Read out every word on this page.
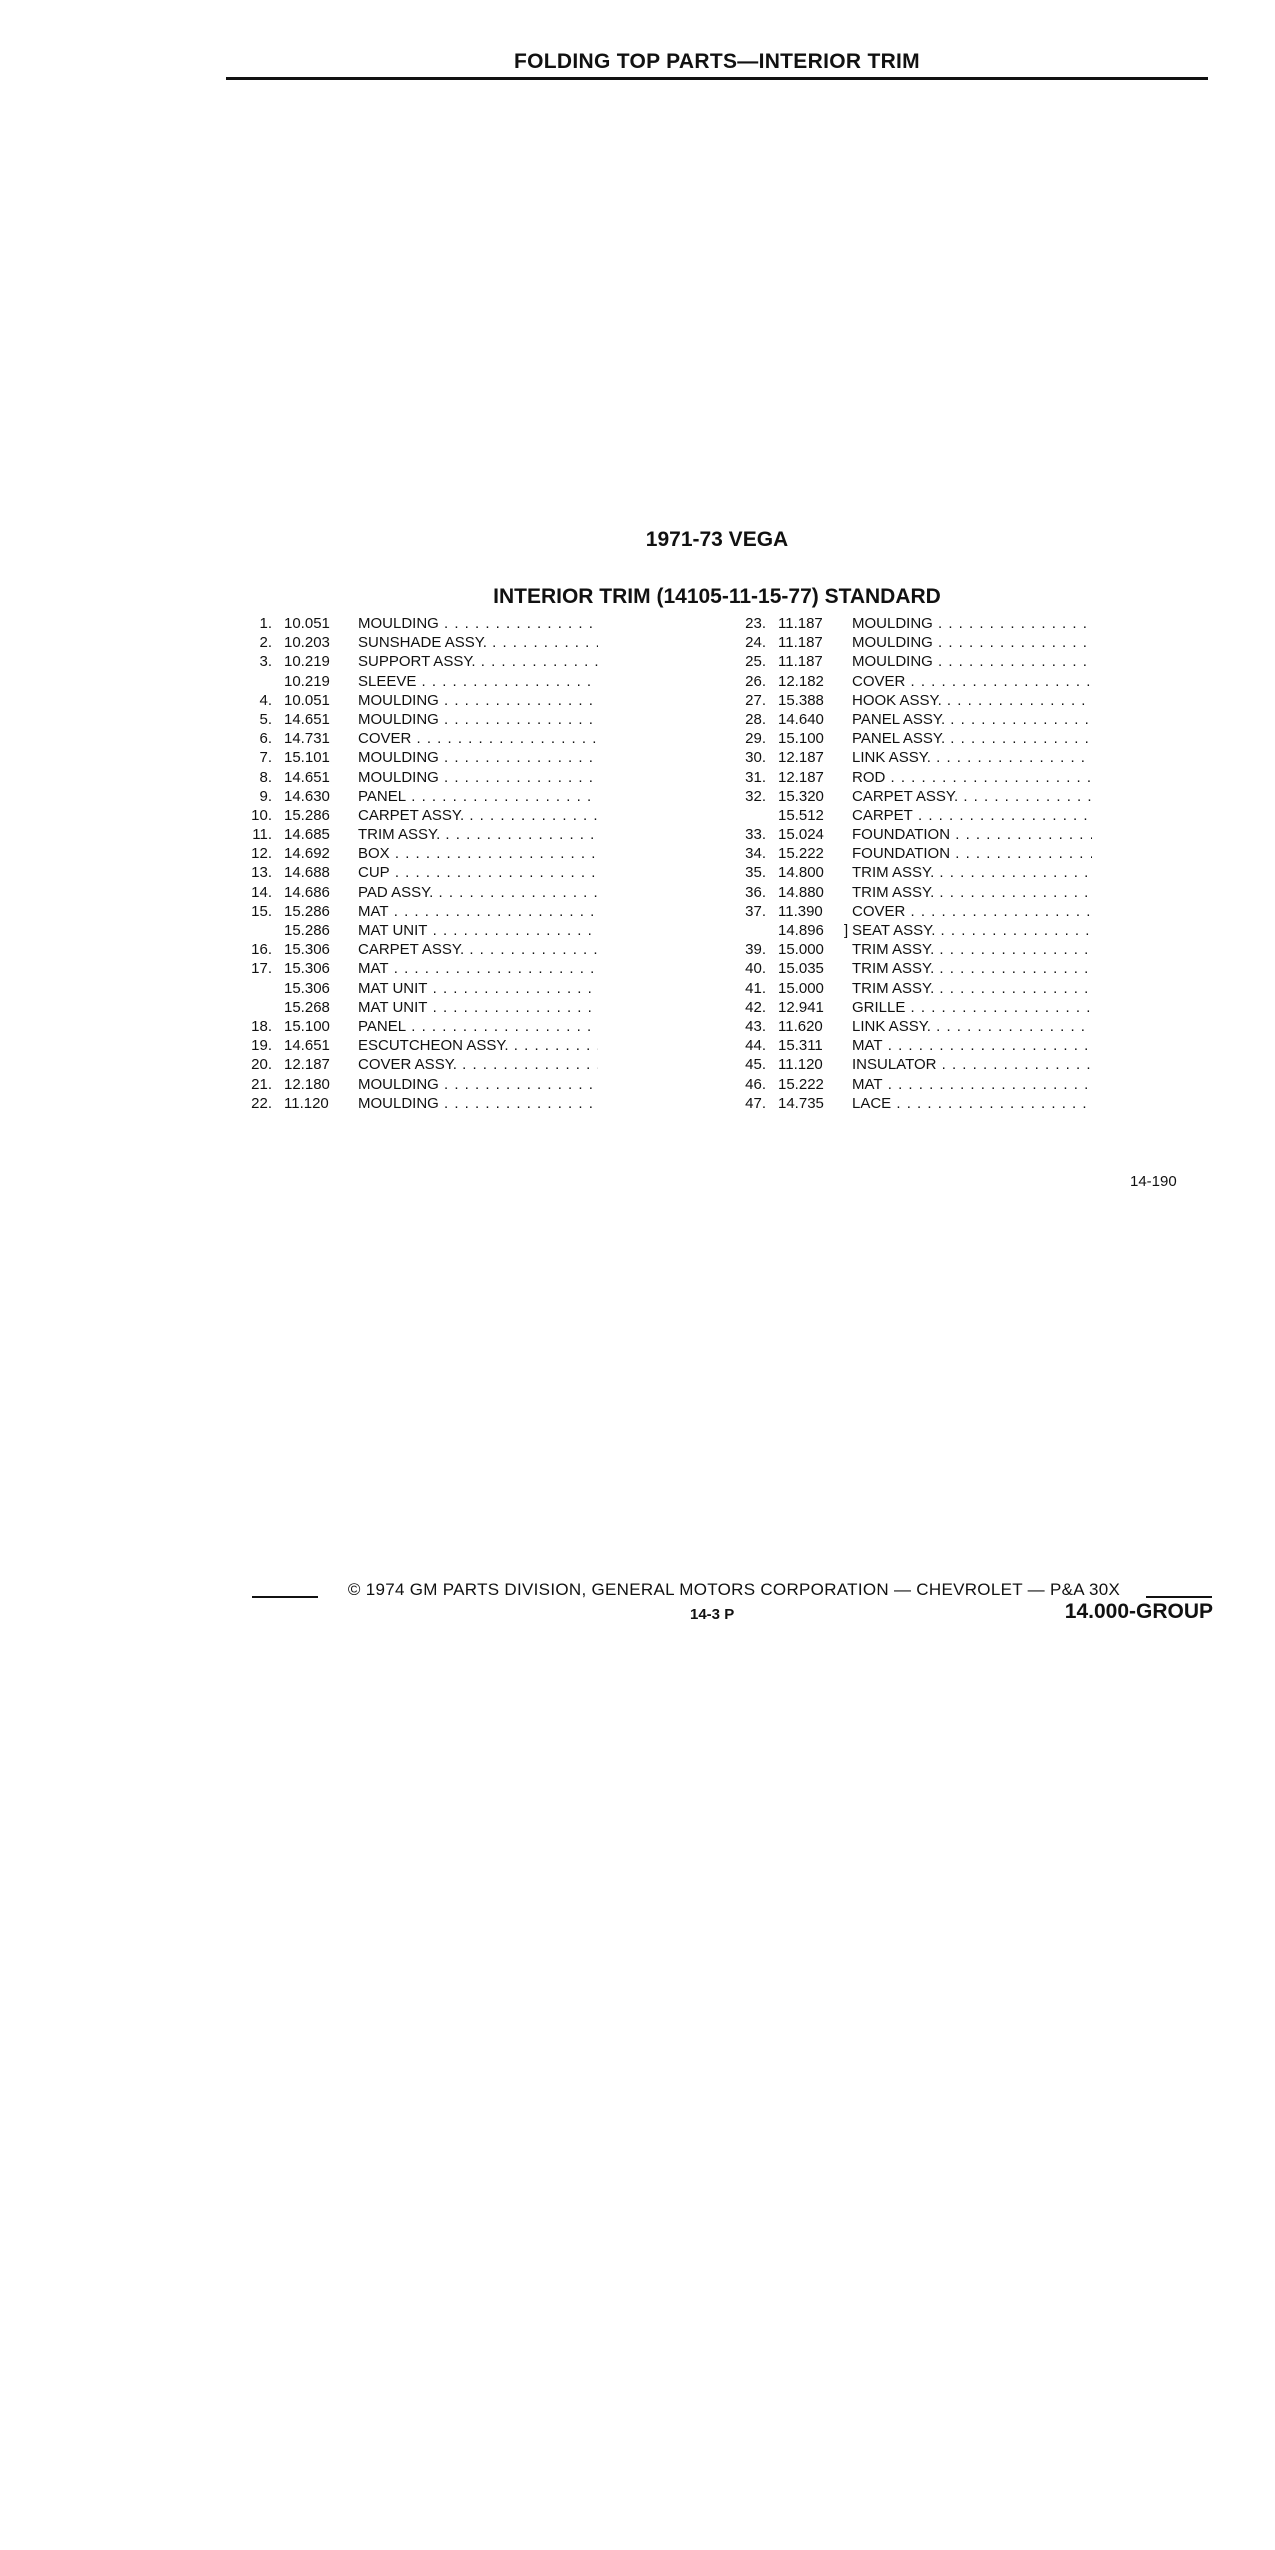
FOLDING TOP PARTS—INTERIOR TRIM
1971-73 VEGA
INTERIOR TRIM (14105-11-15-77) STANDARD
1. 10.051	MOULDING . . .
2. 10.203	SUNSHADE ASSY. . . .
3. 10.219	SUPPORT ASSY. . . .
10.219	SLEEVE . . .
4. 10.051	MOULDING . . .
5. 14.651	MOULDING . . .
6. 14.731	COVER . . .
7. 15.101	MOULDING . . .
8. 14.651	MOULDING . . .
9. 14.630	PANEL . . .
10. 15.286	CARPET ASSY. . . .
11. 14.685	TRIM ASSY. . . .
12. 14.692	BOX . . .
13. 14.688	CUP . . .
14. 14.686	PAD ASSY. . . .
15. 15.286	MAT . . .
15.286	MAT UNIT . . .
16. 15.306	CARPET ASSY. . . .
17. 15.306	MAT . . .
15.306	MAT UNIT . . .
15.268	MAT UNIT . . .
18. 15.100	PANEL . . .
19. 14.651	ESCUTCHEON ASSY. . . .
20. 12.187	COVER ASSY. . . .
21. 12.180	MOULDING . . .
22. 11.120	MOULDING . . .
23. 11.187	MOULDING . . .
24. 11.187	MOULDING . . .
25. 11.187	MOULDING . . .
26. 12.182	COVER . . .
27. 15.388	HOOK ASSY. . . .
28. 14.640	PANEL ASSY. . . .
29. 15.100	PANEL ASSY. . . .
30. 12.187	LINK ASSY. . . .
31. 12.187	ROD . . .
32. 15.320	CARPET ASSY. . . .
15.512	CARPET . . .
33. 15.024	FOUNDATION . . .
34. 15.222	FOUNDATION . . .
35. 14.800	TRIM ASSY. . . .
36. 14.880	TRIM ASSY. . . .
37. 11.390	COVER . . .
]
14.896	SEAT ASSY. . . .
39. 15.000	TRIM ASSY. . . .
40. 15.035	TRIM ASSY. . . .
41. 15.000	TRIM ASSY. . . .
42. 12.941	GRILLE . . .
43. 11.620	LINK ASSY. . . .
44. 15.311	MAT . . .
45. 11.120	INSULATOR . . .
46. 15.222	MAT . . .
47. 14.735	LACE . . .
14-190
© 1974 GM PARTS DIVISION, GENERAL MOTORS CORPORATION — CHEVROLET — P&A 30X
14-3 P	14.000-GROUP
